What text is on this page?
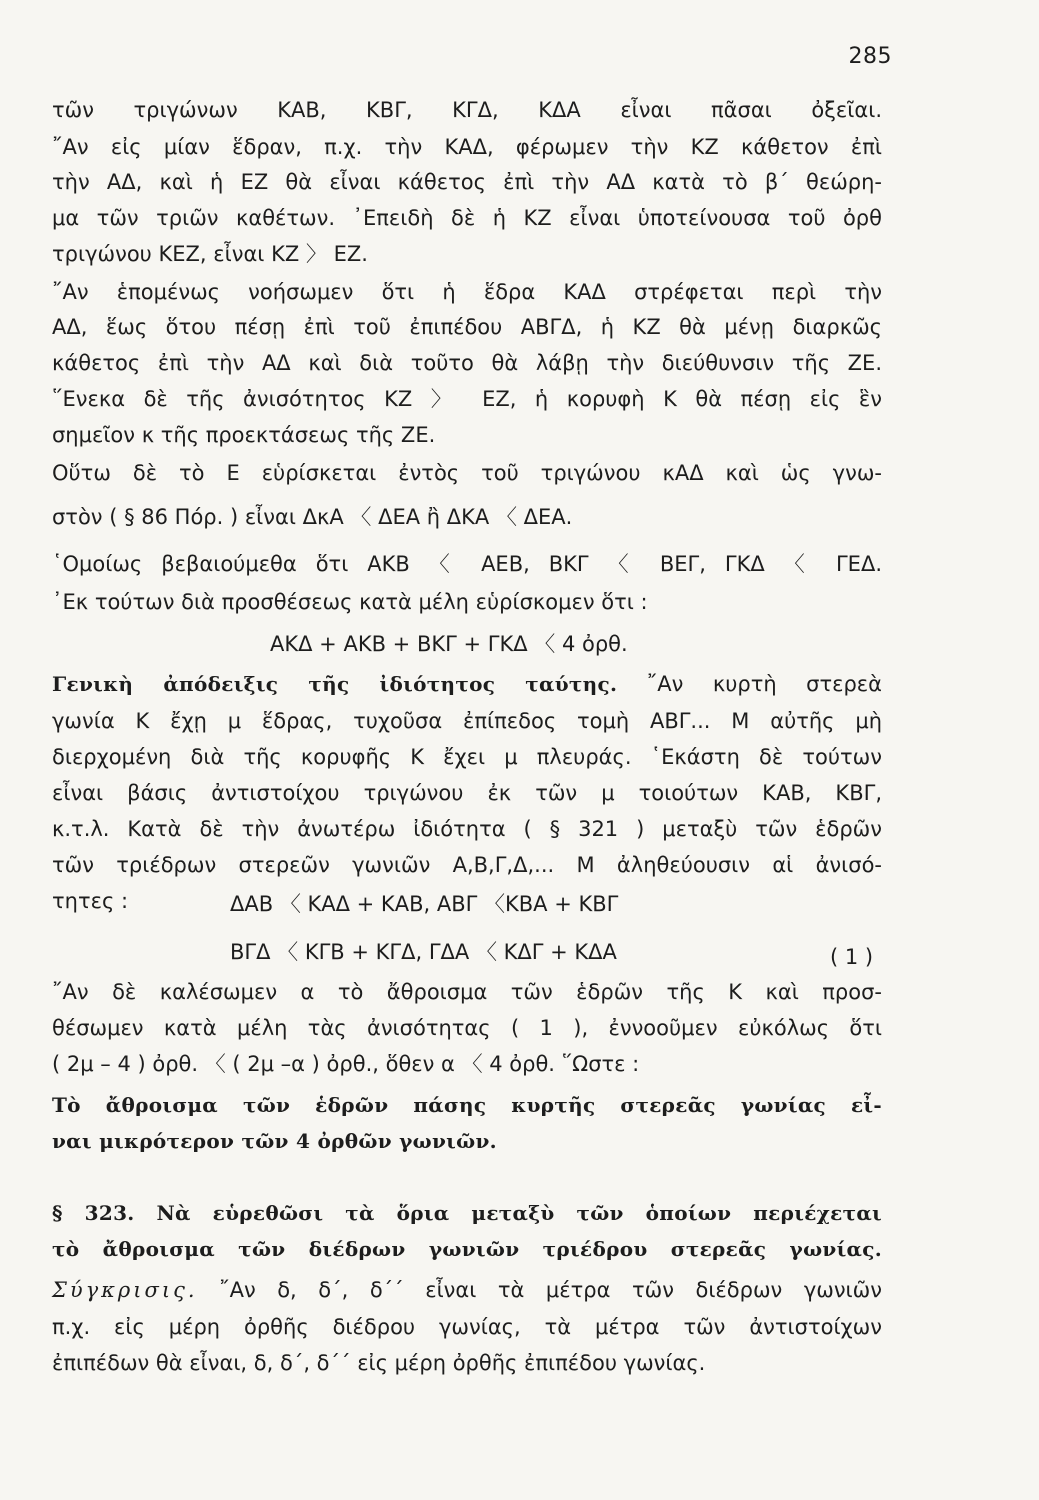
285
τῶν τριγώνων ΚΑΒ, ΚΒΓ, ΚΓΔ, ΚΔΑ εἶναι πᾶσαι ὀξεῖαι.
῎Αν εἰς μίαν ἕδραν, π.χ. τὴν ΚΑΔ, φέρωμεν τὴν ΚΖ κάθετον ἐπὶ
τὴν ΑΔ, καὶ ἡ ΕΖ θὰ εἶναι κάθετος ἐπὶ τὴν ΑΔ κατὰ τὸ β΄ θεώρη-
μα τῶν τριῶν καθέτων. ᾿Επειδὴ δὲ ἡ ΚΖ εἶναι ὑποτείνουσα τοῦ ὀρθ
τριγώνου ΚΕΖ, εἶναι ΚΖ 〉 ΕΖ.
῎Αν ἑπομένως νοήσωμεν ὅτι ἡ ἕδρα ΚΑΔ στρέφεται περὶ τὴν
ΑΔ, ἕως ὅτου πέσῃ ἐπὶ τοῦ ἐπιπέδου ΑΒΓΔ, ἡ ΚΖ θὰ μένῃ διαρκῶς
κάθετος ἐπὶ τὴν ΑΔ καὶ διὰ τοῦτο θὰ λάβῃ τὴν διεύθυνσιν τῆς ΖΕ.
῞Ενεκα δὲ τῆς ἀνισότητος ΚΖ 〉 ΕΖ, ἡ κορυφὴ Κ θὰ πέσῃ εἰς ἓν
σημεῖον κ τῆς προεκτάσεως τῆς ΖΕ.
Οὕτω δὲ τὸ Ε εὑρίσκεται ἐντὸς τοῦ τριγώνου κΑΔ καὶ ὡς γνω-
στὸν ( § 86 Πόρ. ) εἶναι ΔκΑ 〈 ΔΕΑ ἢ ΔΚΑ 〈 ΔΕΑ.
῾Ομοίως βεβαιούμεθα ὅτι ΑΚΒ 〈 ΑΕΒ, ΒΚΓ 〈 ΒΕΓ, ΓΚΔ 〈 ΓΕΔ.
᾿Εκ τούτων διὰ προσθέσεως κατὰ μέλη εὑρίσκομεν ὅτι :
ΑΚΔ + ΑΚΒ + ΒΚΓ + ΓΚΔ 〈 4 ὀρθ.
Γενικὴ ἀπόδειξις τῆς ἰδιότητος ταύτης. ῎Αν κυρτὴ στερεὰ
γωνία Κ ἔχῃ μ ἕδρας, τυχοῦσα ἐπίπεδος τομὴ ΑΒΓ... Μ αὐτῆς μὴ
διερχομένη διὰ τῆς κορυφῆς Κ ἔχει μ πλευράς. ῾Εκάστη δὲ τούτων
εἶναι βάσις ἀντιστοίχου τριγώνου ἐκ τῶν μ τοιούτων ΚΑΒ, ΚΒΓ,
κ.τ.λ. Κατὰ δὲ τὴν ἀνωτέρω ἰδιότητα ( § 321 ) μεταξὺ τῶν ἑδρῶν
τῶν τριέδρων στερεῶν γωνιῶν Α,Β,Γ,Δ,... Μ ἀληθεύουσιν αἱ ἀνισό-
τητες :	ΔΑΒ 〈 ΚΑΔ + ΚΑΒ, ΑΒΓ 〈ΚΒΑ + ΚΒΓ
ΒΓΔ 〈 ΚΓΒ + ΚΓΔ, ΓΔΑ 〈 ΚΔΓ + ΚΔΑ	( 1 )
῎Αν δὲ καλέσωμεν α τὸ ἄθροισμα τῶν ἑδρῶν τῆς Κ καὶ προσ-
θέσωμεν κατὰ μέλη τὰς ἀνισότητας ( 1 ), ἐννοοῦμεν εὐκόλως ὅτι
( 2μ – 4 ) ὀρθ. 〈 ( 2μ –α ) ὀρθ., ὅθεν α 〈 4 ὀρθ. ῞Ωστε :
Τὸ ἄθροισμα τῶν ἑδρῶν πάσης κυρτῆς στερεᾶς γωνίας εἶ-
ναι μικρότερον τῶν 4 ὀρθῶν γωνιῶν.
§ 323. Νὰ εὑρεθῶσι τὰ ὅρια μεταξὺ τῶν ὁποίων περιέχεται
τὸ ἄθροισμα τῶν διέδρων γωνιῶν τριέδρου στερεᾶς γωνίας.
Σύγκρισις. ῎Αν δ, δ΄, δ΄΄ εἶναι τὰ μέτρα τῶν διέδρων γωνιῶν
π.χ. εἰς μέρη ὀρθῆς διέδρου γωνίας, τὰ μέτρα τῶν ἀντιστοίχων
ἐπιπέδων θὰ εἶναι, δ, δ΄, δ΄΄ εἰς μέρη ὀρθῆς ἐπιπέδου γωνίας.
